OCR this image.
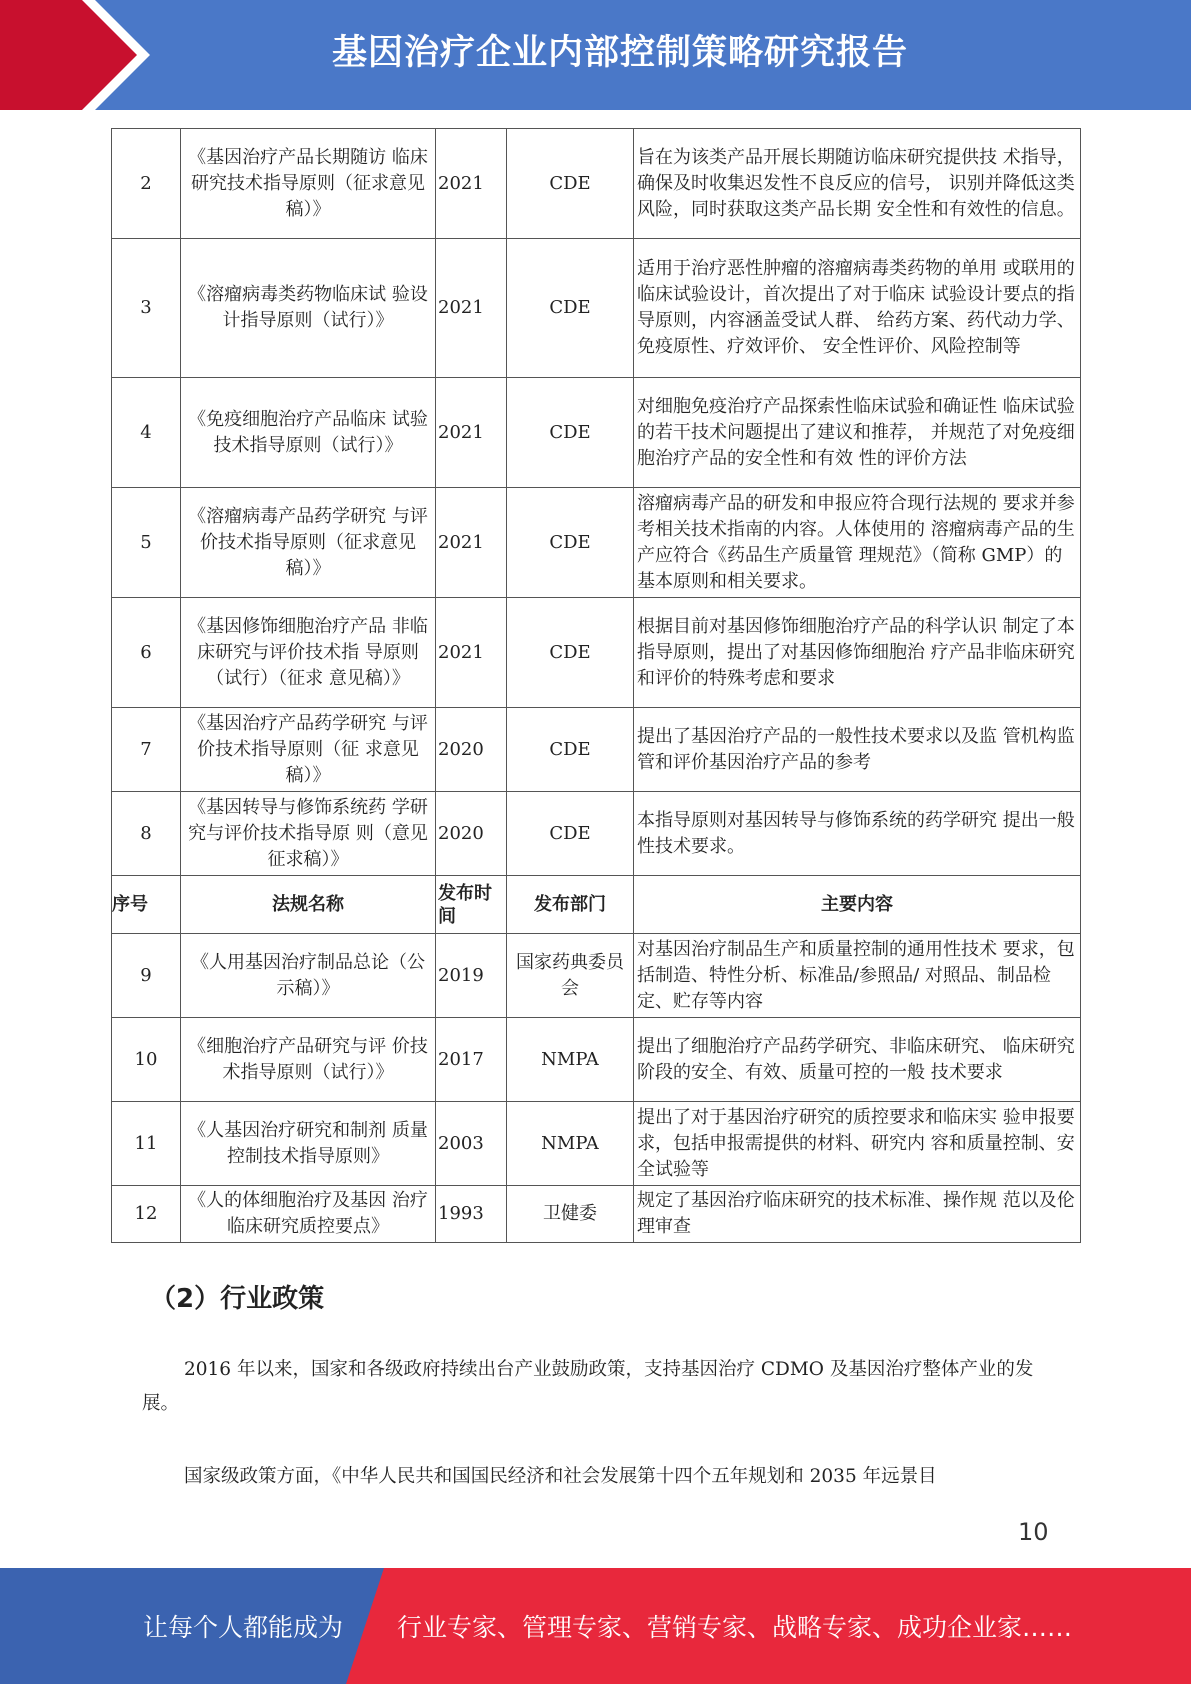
基因治疗企业内部控制策略研究报告
2	《基因治疗产品长期随访 临床研究技术指导原则（征求意见稿）》	2021	CDE	旨在为该类产品开展长期随访临床研究提供技 术指导，确保及时收集迟发性不良反应的信号， 识别并降低这类风险，同时获取这类产品长期 安全性和有效性的信息。
3	《溶瘤病毒类药物临床试 验设计指导原则（试行）》	2021	CDE	适用于治疗恶性肿瘤的溶瘤病毒类药物的单用 或联用的临床试验设计，首次提出了对于临床 试验设计要点的指导原则，内容涵盖受试人群、 给药方案、药代动力学、免疫原性、疗效评价、 安全性评价、风险控制等
4	《免疫细胞治疗产品临床 试验技术指导原则（试行）》	2021	CDE	对细胞免疫治疗产品探索性临床试验和确证性 临床试验的若干技术问题提出了建议和推荐， 并规范了对免疫细胞治疗产品的安全性和有效 性的评价方法
5	《溶瘤病毒产品药学研究 与评价技术指导原则（征求意见稿）》	2021	CDE	溶瘤病毒产品的研发和申报应符合现行法规的 要求并参考相关技术指南的内容。人体使用的 溶瘤病毒产品的生产应符合《药品生产质量管 理规范》（简称 GMP）的基本原则和相关要求。
6	《基因修饰细胞治疗产品 非临床研究与评价技术指 导原则（试行）（征求 意见稿）》	2021	CDE	根据目前对基因修饰细胞治疗产品的科学认识 制定了本指导原则，提出了对基因修饰细胞治 疗产品非临床研究和评价的特殊考虑和要求
7	《基因治疗产品药学研究 与评价技术指导原则（征 求意见稿）》	2020	CDE	提出了基因治疗产品的一般性技术要求以及监 管机构监管和评价基因治疗产品的参考
8	《基因转导与修饰系统药 学研究与评价技术指导原 则（意见征求稿）》	2020	CDE	本指导原则对基因转导与修饰系统的药学研究 提出一般性技术要求。
序号	法规名称	发布时间	发布部门	主要内容
9	《人用基因治疗制品总论（公示稿）》	2019	国家药典委员会	对基因治疗制品生产和质量控制的通用性技术 要求，包括制造、特性分析、标准品/参照品/ 对照品、制品检定、贮存等内容
10	《细胞治疗产品研究与评 价技术指导原则（试行）》	2017	NMPA	提出了细胞治疗产品药学研究、非临床研究、 临床研究阶段的安全、有效、质量可控的一般 技术要求
11	《人基因治疗研究和制剂 质量控制技术指导原则》	2003	NMPA	提出了对于基因治疗研究的质控要求和临床实 验申报要求，包括申报需提供的材料、研究内 容和质量控制、安全试验等
12	《人的体细胞治疗及基因 治疗临床研究质控要点》	1993	卫健委	规定了基因治疗临床研究的技术标准、操作规 范以及伦理审查
（2）行业政策
2016 年以来，国家和各级政府持续出台产业鼓励政策，支持基因治疗 CDMO 及基因治疗整体产业的发展。
国家级政策方面，《中华人民共和国国民经济和社会发展第十四个五年规划和 2035 年远景目
10
让每个人都能成为 行业专家、管理专家、营销专家、战略专家、成功企业家……
